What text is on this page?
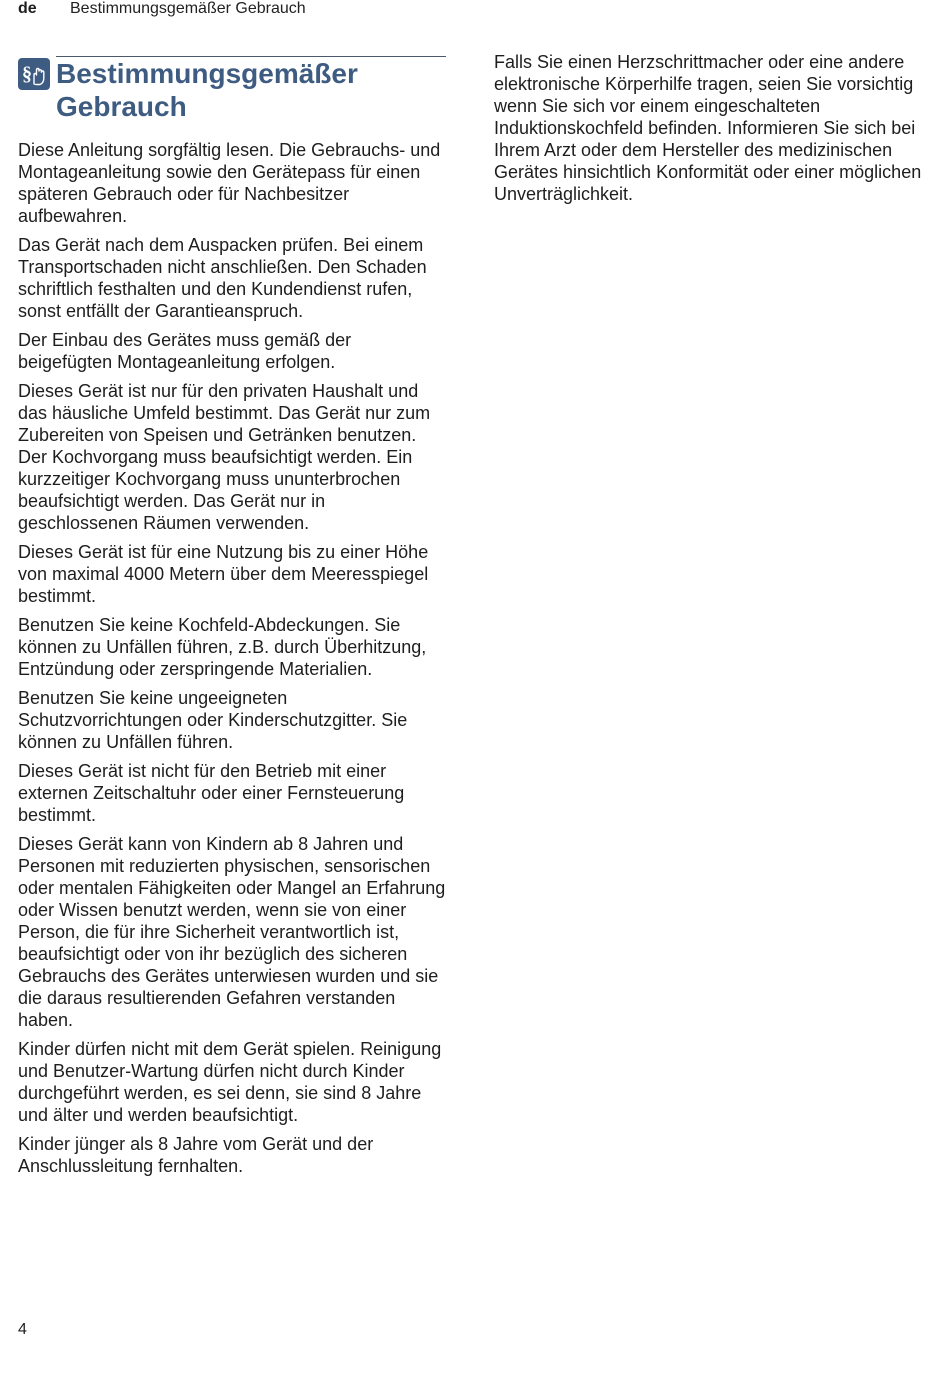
de	Bestimmungsgemäßer Gebrauch
§ Bestimmungsgemäßer Gebrauch

Diese Anleitung sorgfältig lesen. Die Gebrauchs- und Montageanleitung sowie den Gerätepass für einen späteren Gebrauch oder für Nachbesitzer aufbewahren.

Das Gerät nach dem Auspacken prüfen. Bei einem Transportschaden nicht anschließen. Den Schaden schriftlich festhalten und den Kundendienst rufen, sonst entfällt der Garantieanspruch.

Der Einbau des Gerätes muss gemäß der beigefügten Montageanleitung erfolgen.

Dieses Gerät ist nur für den privaten Haushalt und das häusliche Umfeld bestimmt. Das Gerät nur zum Zubereiten von Speisen und Getränken benutzen. Der Kochvorgang muss beaufsichtigt werden. Ein kurzzeitiger Kochvorgang muss ununterbrochen beaufsichtigt werden. Das Gerät nur in geschlossenen Räumen verwenden.

Dieses Gerät ist für eine Nutzung bis zu einer Höhe von maximal 4000 Metern über dem Meeresspiegel bestimmt.

Benutzen Sie keine Kochfeld-Abdeckungen. Sie können zu Unfällen führen, z.B. durch Überhitzung, Entzündung oder zerspringende Materialien.

Benutzen Sie keine ungeeigneten Schutzvorrichtungen oder Kinderschutzgitter. Sie können zu Unfällen führen.

Dieses Gerät ist nicht für den Betrieb mit einer externen Zeitschaltuhr oder einer Fernsteuerung bestimmt.

Dieses Gerät kann von Kindern ab 8 Jahren und Personen mit reduzierten physischen, sensorischen oder mentalen Fähigkeiten oder Mangel an Erfahrung oder Wissen benutzt werden, wenn sie von einer Person, die für ihre Sicherheit verantwortlich ist, beaufsichtigt oder von ihr bezüglich des sicheren Gebrauchs des Gerätes unterwiesen wurden und sie die daraus resultierenden Gefahren verstanden haben.

Kinder dürfen nicht mit dem Gerät spielen. Reinigung und Benutzer-Wartung dürfen nicht durch Kinder durchgeführt werden, es sei denn, sie sind 8 Jahre und älter und werden beaufsichtigt.

Kinder jünger als 8 Jahre vom Gerät und der Anschlussleitung fernhalten.

Falls Sie einen Herzschrittmacher oder eine andere elektronische Körperhilfe tragen, seien Sie vorsichtig wenn Sie sich vor einem eingeschalteten Induktionskochfeld befinden. Informieren Sie sich bei Ihrem Arzt oder dem Hersteller des medizinischen Gerätes hinsichtlich Konformität oder einer möglichen Unverträglichkeit.

4
